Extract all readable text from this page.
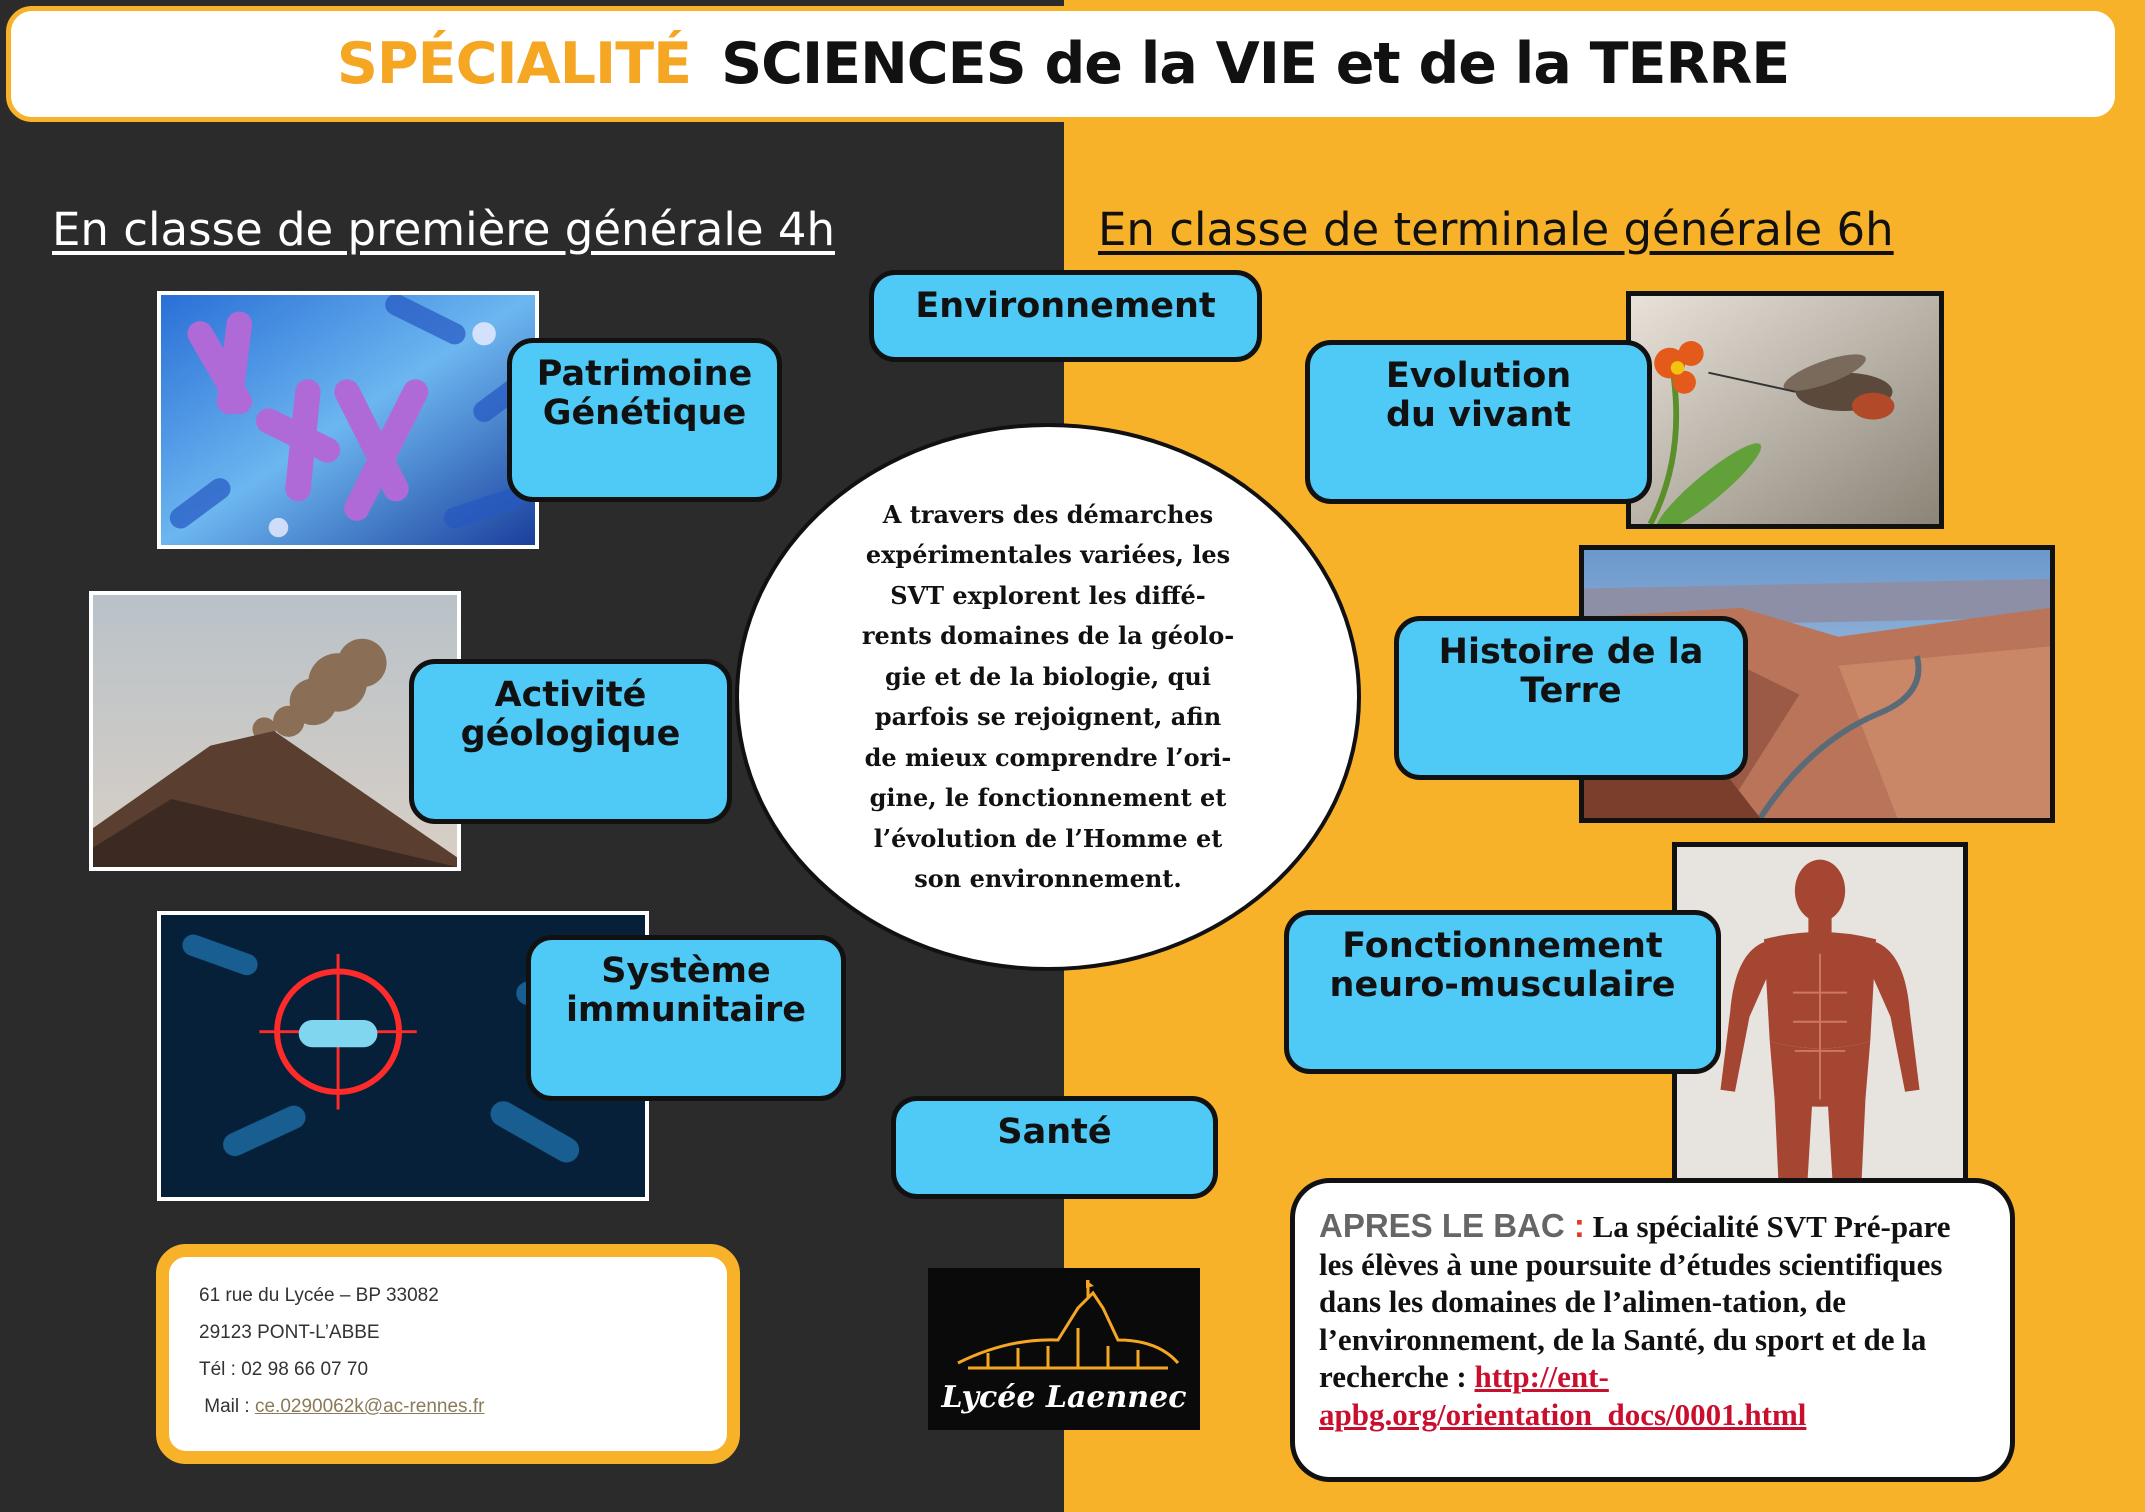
SPÉCIALITÉ SCIENCES de la VIE et de la TERRE
En classe de première générale 4h	En classe de terminale générale 6h
Environnement
Patrimoine
Génétique
Activité
géologique
Système
immunitaire
Santé
Evolution
du vivant
Histoire de la
Terre
Fonctionnement
neuro-musculaire
A travers des démarches
expérimentales variées, les
SVT explorent les diffé-
rents domaines de la géolo-
gie et de la biologie, qui
parfois se rejoignent, afin
de mieux comprendre l’ori-
gine, le fonctionnement et
l’évolution de l’Homme et
son environnement.
61 rue du Lycée – BP 33082
29123 PONT-L’ABBE
Tél : 02 98 66 07 70
Mail : ce.0290062k@ac-rennes.fr	Lycée Laennec
APRES LE BAC : La spécialité SVT Pré-pare les élèves à une poursuite d’études scientifiques dans les domaines de l’alimen-tation, de l’environnement, de la Santé, du sport et de la recherche : http://ent-apbg.org/orientation_docs/0001.html
